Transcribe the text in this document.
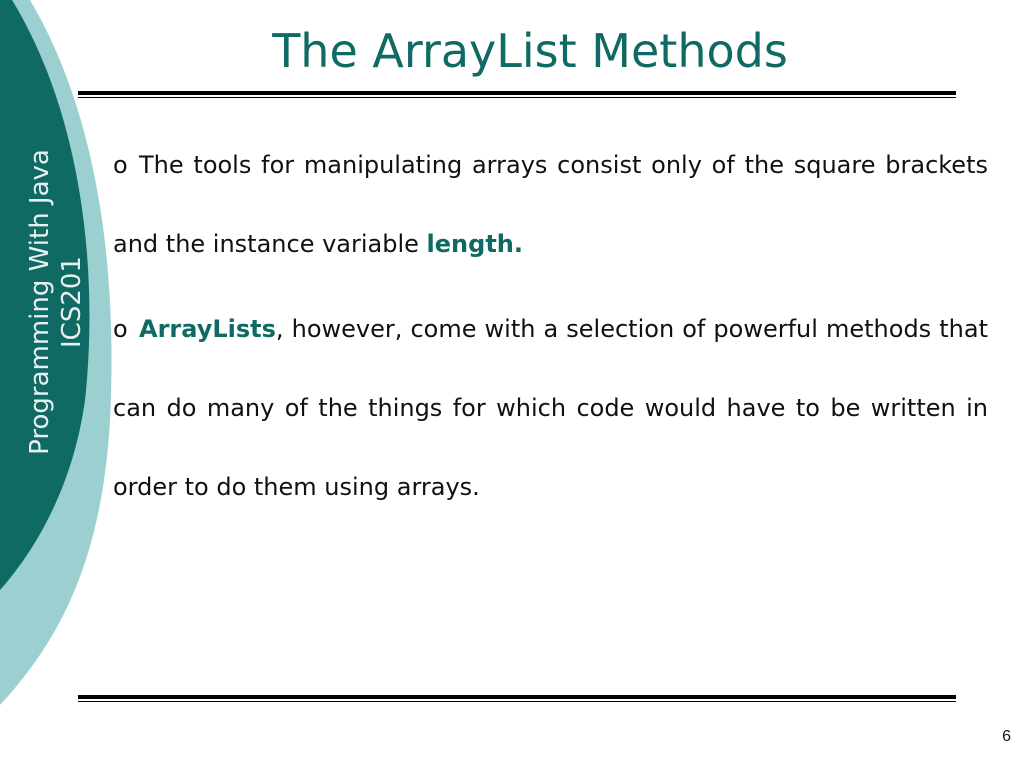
Programming With Java ICS201
The ArrayList Methods

o The tools for manipulating arrays consist only of the square brackets and the instance variable length.

o ArrayLists, however, come with a selection of powerful methods that can do many of the things for which code would have to be written in order to do them using arrays.

6
